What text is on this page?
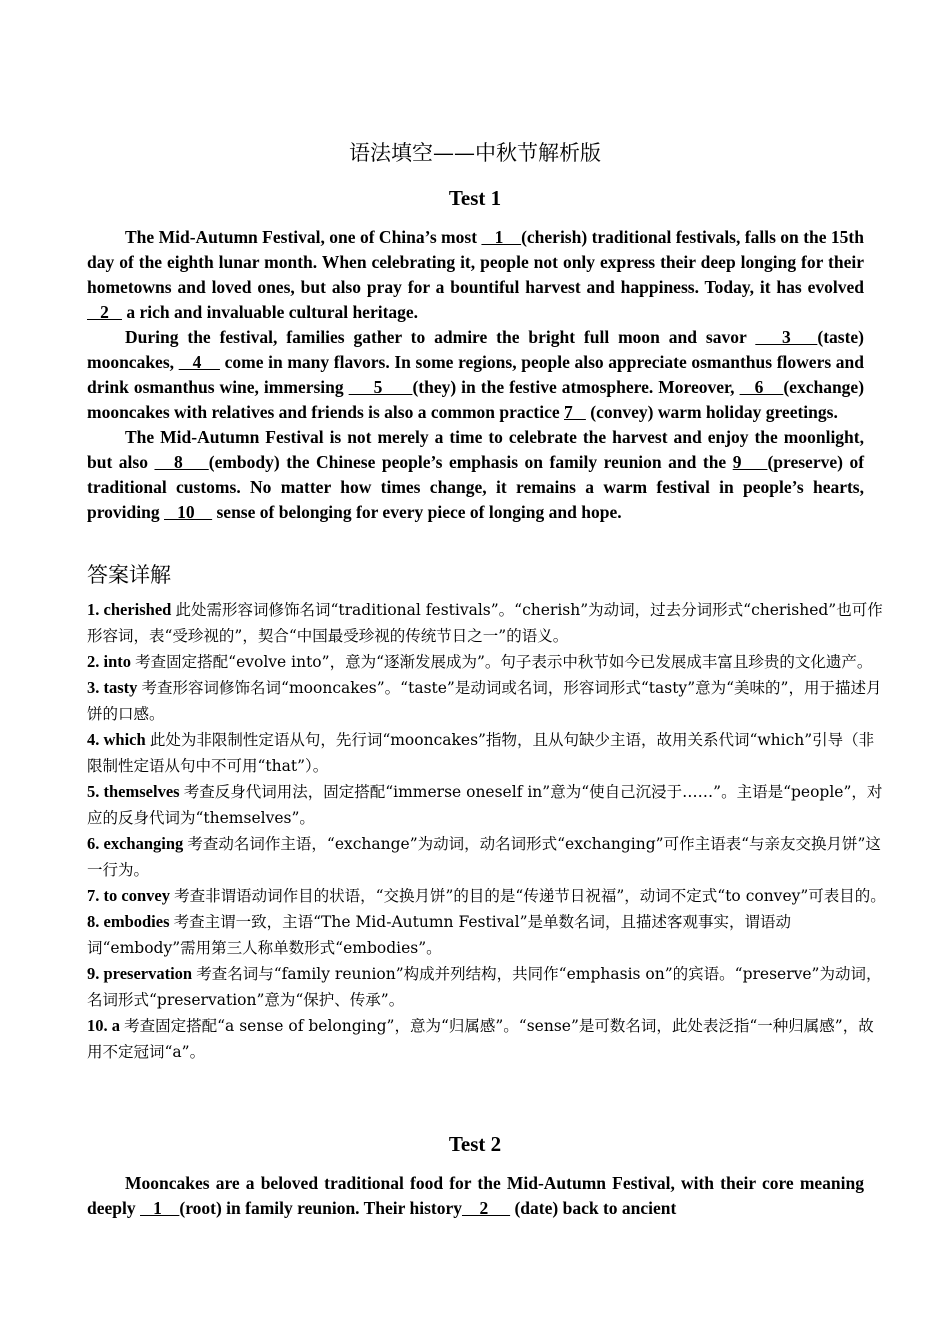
语法填空——中秋节解析版
Test 1

The Mid-Autumn Festival, one of China’s most    1    (cherish) traditional festivals, falls on the 15th day of the eighth lunar month. When celebrating it, people not only express their deep longing for their hometowns and loved ones, but also pray for a bountiful harvest and happiness. Today, it has evolved   2    a rich and invaluable cultural heritage.

During the festival, families gather to admire the bright full moon and savor    3   (taste) mooncakes,    4     come in many flavors. In some regions, people also appreciate osmanthus flowers and drink osmanthus wine, immersing      5      (they) in the festive atmosphere. Moreover,    6    (exchange) mooncakes with relatives and friends is also a common practice 7    (convey) warm holiday greetings.

The Mid-Autumn Festival is not merely a time to celebrate the harvest and enjoy the moonlight, but also    8    (embody) the Chinese people’s emphasis on family reunion and the 9    (preserve) of traditional customs. No matter how times change, it remains a warm festival in people’s hearts, providing    10     sense of belonging for every piece of longing and hope.

答案详解
1. cherished 此处需形容词修饰名词“traditional festivals”。“cherish”为动词，过去分词形式“cherished”也可作形容词，表“受珍视的”，契合“中国最受珍视的传统节日之一”的语义。
2. into 考查固定搭配“evolve into”，意为“逐渐发展成为”。句子表示中秋节如今已发展成丰富且珍贵的文化遗产。
3. tasty 考查形容词修饰名词“mooncakes”。“taste”是动词或名词，形容词形式“tasty”意为“美味的”，用于描述月饼的口感。
4. which 此处为非限制性定语从句，先行词“mooncakes”指物，且从句缺少主语，故用关系代词“which”引导（非限制性定语从句中不可用“that”）。
5. themselves 考查反身代词用法，固定搭配“immerse oneself in”意为“使自己沉浸于……”。主语是“people”，对应的反身代词为“themselves”。
6. exchanging 考查动名词作主语，“exchange”为动词，动名词形式“exchanging”可作主语表“与亲友交换月饼”这一行为。
7. to convey 考查非谓语动词作目的状语，“交换月饼”的目的是“传递节日祝福”，动词不定式“to convey”可表目的。
8. embodies 考查主谓一致，主语“The Mid-Autumn Festival”是单数名词，且描述客观事实，谓语动词“embody”需用第三人称单数形式“embodies”。
9. preservation 考查名词与“family reunion”构成并列结构，共同作“emphasis on”的宾语。“preserve”为动词，名词形式“preservation”意为“保护、传承”。
10. a 考查固定搭配“a sense of belonging”，意为“归属感”。“sense”是可数名词，此处表泛指“一种归属感”，故用不定冠词“a”。
Test 2

Mooncakes are a beloved traditional food for the Mid-Autumn Festival, with their core meaning deeply    1    (root) in family reunion. Their history    2      (date) back to ancient
